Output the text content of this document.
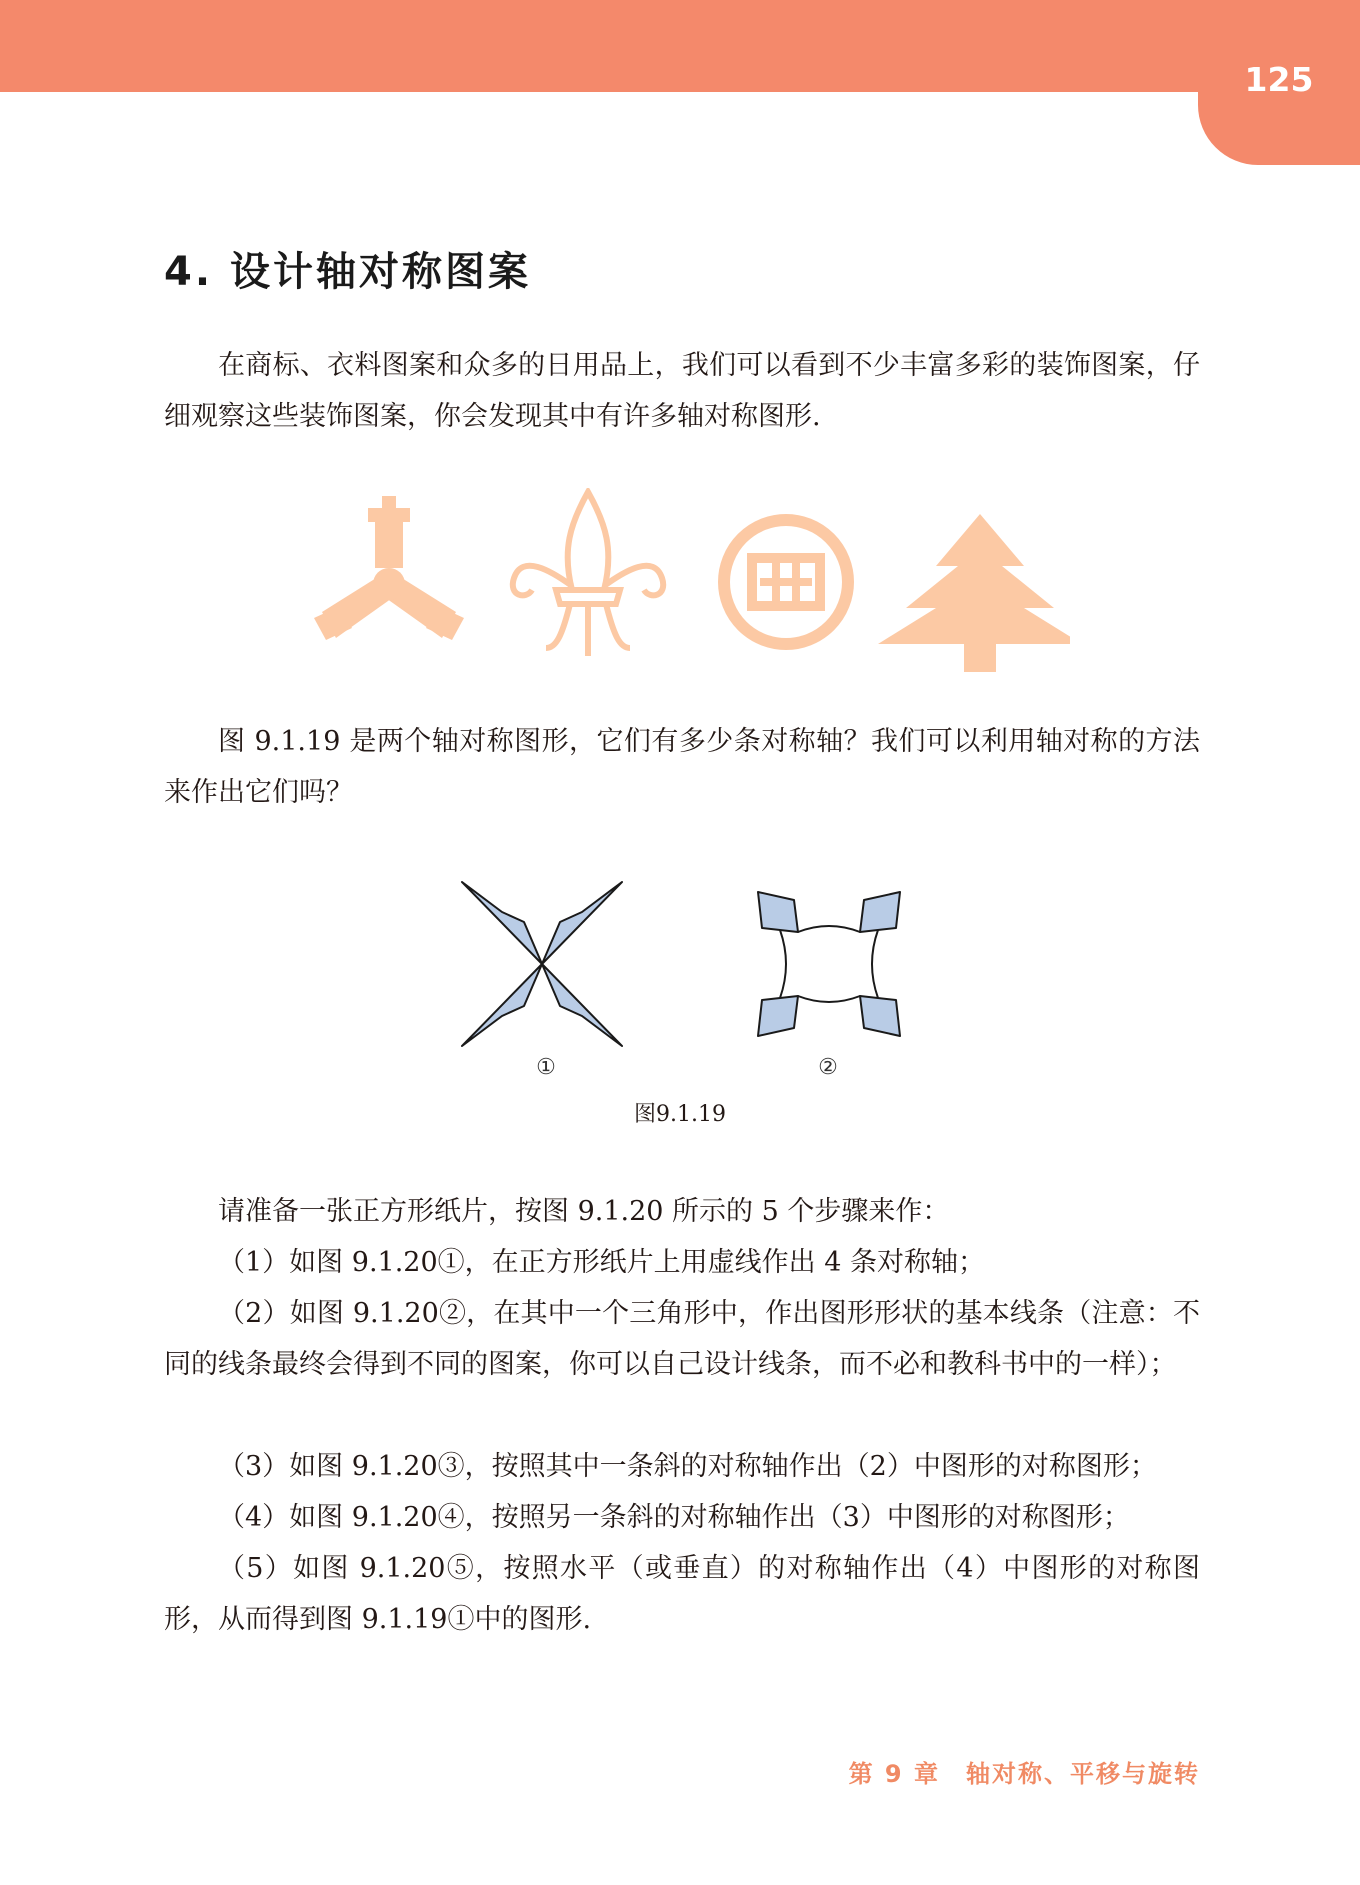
125
4. 设计轴对称图案

在商标、衣料图案和众多的日用品上，我们可以看到不少丰富多彩的装饰图案，仔细观察这些装饰图案，你会发现其中有许多轴对称图形.

图 9.1.19 是两个轴对称图形，它们有多少条对称轴？我们可以利用轴对称的方法来作出它们吗？

①	②
图9.1.19

请准备一张正方形纸片，按图 9.1.20 所示的 5 个步骤来作：

（1）如图 9.1.20①，在正方形纸片上用虚线作出 4 条对称轴；

（2）如图 9.1.20②，在其中一个三角形中，作出图形形状的基本线条（注意：不同的线条最终会得到不同的图案，你可以自己设计线条，而不必和教科书中的一样）；

（3）如图 9.1.20③，按照其中一条斜的对称轴作出（2）中图形的对称图形；

（4）如图 9.1.20④，按照另一条斜的对称轴作出（3）中图形的对称图形；

（5）如图 9.1.20⑤，按照水平（或垂直）的对称轴作出（4）中图形的对称图形，从而得到图 9.1.19①中的图形.

第 9 章　轴对称、平移与旋转
